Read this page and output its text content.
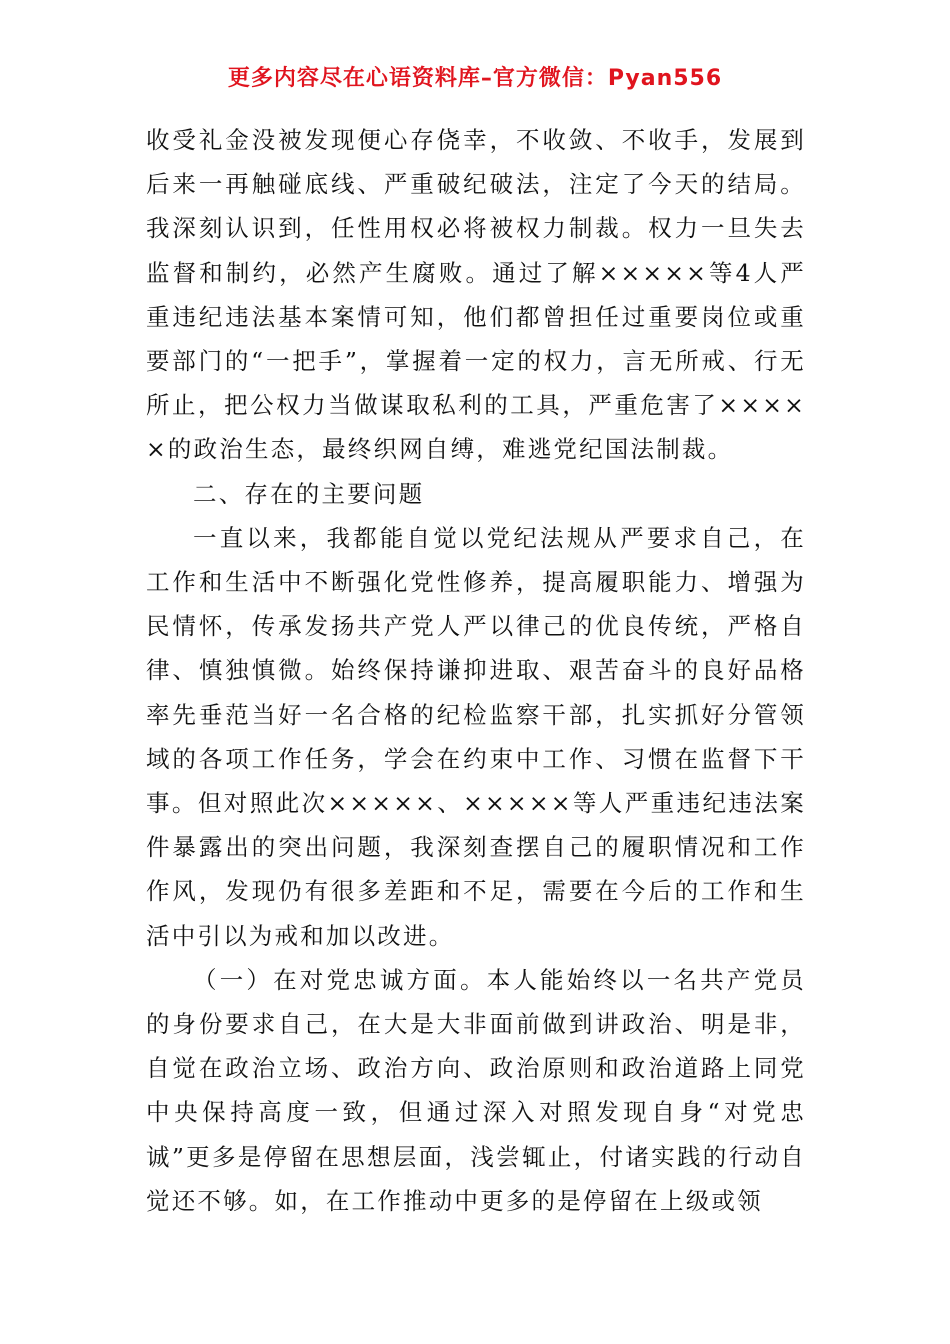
更多内容尽在心语资料库–官方微信：Pyan556

收受礼金没被发现便心存侥幸，不收敛、不收手，发展到后来一再触碰底线、严重破纪破法，注定了今天的结局。我深刻认识到，任性用权必将被权力制裁。权力一旦失去监督和制约，必然产生腐败。通过了解×××××等4人严重违纪违法基本案情可知，他们都曾担任过重要岗位或重要部门的“一把手”，掌握着一定的权力，言无所戒、行无所止，把公权力当做谋取私利的工具，严重危害了×××××的政治生态，最终织网自缚，难逃党纪国法制裁。

二、存在的主要问题

一直以来，我都能自觉以党纪法规从严要求自己，在工作和生活中不断强化党性修养，提高履职能力、增强为民情怀，传承发扬共产党人严以律己的优良传统，严格自律、慎独慎微。始终保持谦抑进取、艰苦奋斗的良好品格率先垂范当好一名合格的纪检监察干部，扎实抓好分管领域的各项工作任务，学会在约束中工作、习惯在监督下干事。但对照此次×××××、×××××等人严重违纪违法案件暴露出的突出问题，我深刻查摆自己的履职情况和工作作风，发现仍有很多差距和不足，需要在今后的工作和生活中引以为戒和加以改进。

（一）在对党忠诚方面。本人能始终以一名共产党员的身份要求自己，在大是大非面前做到讲政治、明是非，自觉在政治立场、政治方向、政治原则和政治道路上同党中央保持高度一致，但通过深入对照发现自身“对党忠诚”更多是停留在思想层面，浅尝辄止，付诸实践的行动自觉还不够。如，在工作推动中更多的是停留在上级或领
